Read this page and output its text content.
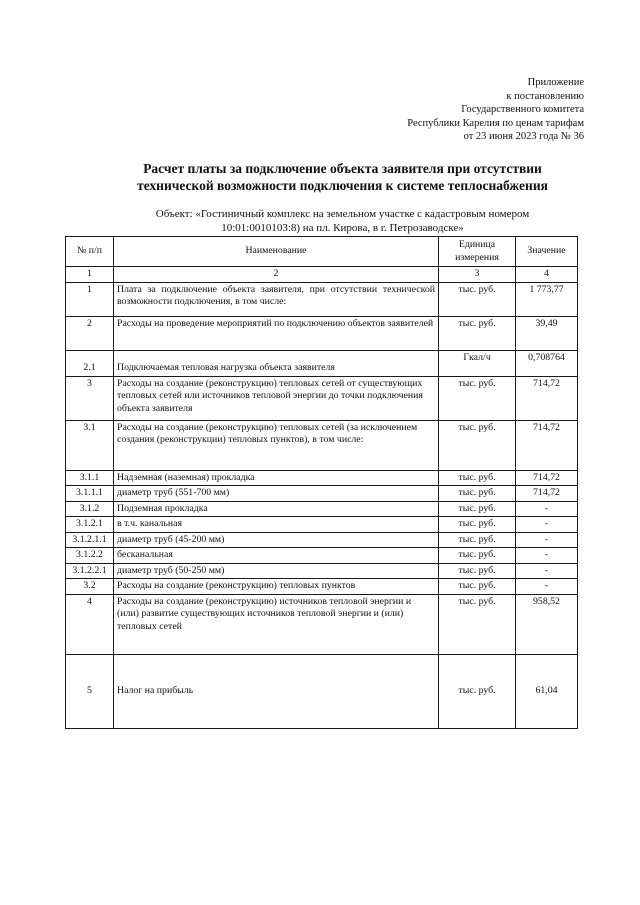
Приложение
к постановлению
Государственного комитета
Республики Карелия по ценам тарифам
от 23 июня 2023 года № 36
Расчет платы за подключение объекта заявителя при отсутствии
технической возможности подключения к системе теплоснабжения
Объект: «Гостиничный комплекс на земельном участке с кадастровым номером
10:01:0010103:8) на пл. Кирова, в г. Петрозаводске»
№ п/п	Наименование	Единица измерения	Значение
1	2	3	4
1	Плата за подключение объекта заявителя, при отсутствии технической возможности подключения, в том числе:	тыс. руб.	1 773,77
2	Расходы на проведение мероприятий по подключению объектов заявителей	тыс. руб.	39,49
2.1	Подключаемая тепловая нагрузка объекта заявителя	Гкал/ч	0,708764
3	Расходы на создание (реконструкцию) тепловых сетей от существующих тепловых сетей или источников тепловой энергии до точки подключения объекта заявителя	тыс. руб.	714,72
3.1	Расходы на создание (реконструкцию) тепловых сетей (за исключением создания (реконструкции) тепловых пунктов), в том числе:	тыс. руб.	714,72
3.1.1	Надземная (наземная) прокладка	тыс. руб.	714,72
3.1.1.1	диаметр труб (551-700 мм)	тыс. руб.	714,72
3.1.2	Подземная прокладка	тыс. руб.	-
3.1.2.1	в т.ч. канальная	тыс. руб.	-
3.1.2.1.1	диаметр труб (45-200 мм)	тыс. руб.	-
3.1.2.2	бесканальная	тыс. руб.	-
3.1.2.2.1	диаметр труб (50-250 мм)	тыс. руб.	-
3.2	Расходы на создание (реконструкцию) тепловых пунктов	тыс. руб.	-
4	Расходы на создание (реконструкцию) источников тепловой энергии и (или) развитие существующих источников тепловой энергии и (или) тепловых сетей	тыс. руб.	958,52
5	Налог на прибыль	тыс. руб.	61,04
